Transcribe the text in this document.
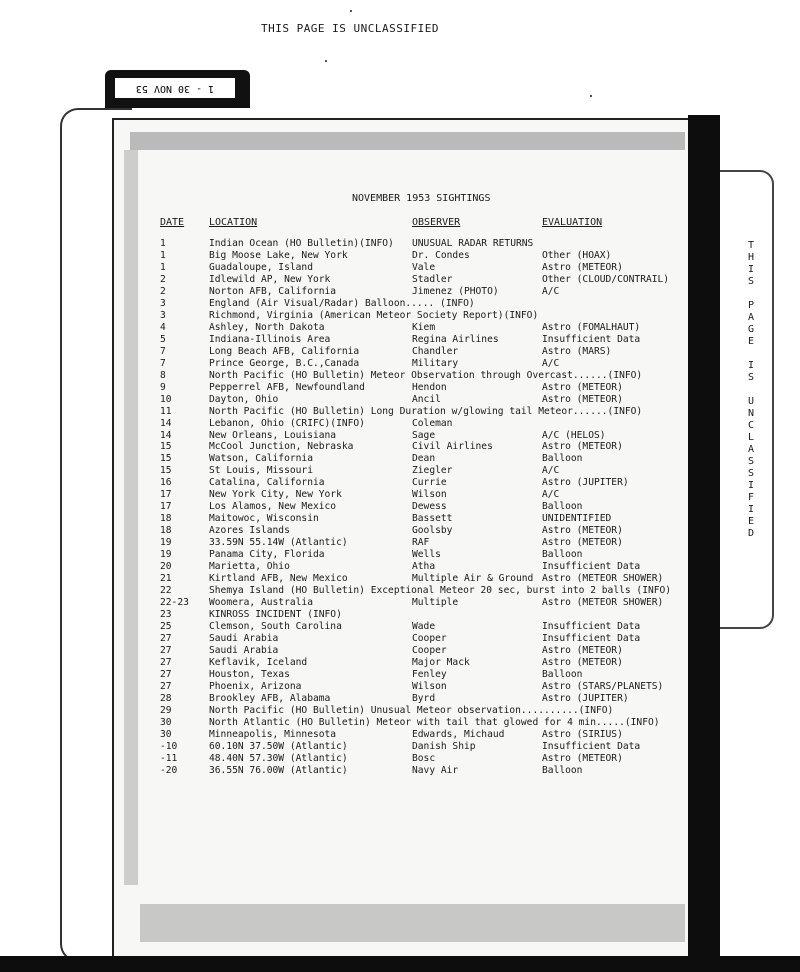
THIS PAGE IS UNCLASSIFIED
1 - 30 NOV 53
NOVEMBER 1953 SIGHTINGS
DATE LOCATION	OBSERVER	EVALUATION
1	Indian Ocean (HO Bulletin)(INFO) UNUSUAL RADAR RETURNS
1	Big Moose Lake, New York	Dr. Condes	Other (HOAX)
1	Guadaloupe, Island	Vale	Astro (METEOR)
2	Idlewild AP, New York	Stadler	Other (CLOUD/CONTRAIL)
2	Norton AFB, California	Jimenez (PHOTO)	A/C
3	England (Air Visual/Radar) Balloon..... (INFO)
3	Richmond, Virginia (American Meteor Society Report)(INFO)
4	Ashley, North Dakota	Kiem	Astro (FOMALHAUT)
5	Indiana-Illinois Area	Regina Airlines	Insufficient Data
7	Long Beach AFB, California	Chandler	Astro (MARS)
7	Prince George, B.C.,Canada	Military	A/C
8	North Pacific (HO Bulletin) Meteor Observation through Overcast......(INFO)
9	Pepperrel AFB, Newfoundland	Hendon	Astro (METEOR)
10	Dayton, Ohio	Ancil	Astro (METEOR)
11	North Pacific (HO Bulletin) Long Duration w/glowing tail Meteor......(INFO)
14	Lebanon, Ohio (CRIFC)(INFO)	Coleman
14	New Orleans, Louisiana	Sage	A/C (HELOS)
15	McCool Junction, Nebraska	Civil Airlines	Astro (METEOR)
15	Watson, California	Dean	Balloon
15	St Louis, Missouri	Ziegler	A/C
16	Catalina, California	Currie	Astro (JUPITER)
17	New York City, New York	Wilson	A/C
17	Los Alamos, New Mexico	Dewess	Balloon
18	Maitowoc, Wisconsin	Bassett	UNIDENTIFIED
18	Azores Islands	Goolsby	Astro (METEOR)
19	33.59N 55.14W (Atlantic)	RAF	Astro (METEOR)
19	Panama City, Florida	Wells	Balloon
20	Marietta, Ohio	Atha	Insufficient Data
21	Kirtland AFB, New Mexico	Multiple Air & Ground Astro (METEOR SHOWER)
22	Shemya Island (HO Bulletin) Exceptional Meteor 20 sec, burst into 2 balls (INFO)
22-23 Woomera, Australia	Multiple	Astro (METEOR SHOWER)
23	KINROSS INCIDENT (INFO)
25	Clemson, South Carolina	Wade	Insufficient Data
27	Saudi Arabia	Cooper	Insufficient Data
27	Saudi Arabia	Cooper	Astro (METEOR)
27	Keflavik, Iceland	Major Mack	Astro (METEOR)
27	Houston, Texas	Fenley	Balloon
27	Phoenix, Arizona	Wilson	Astro (STARS/PLANETS)
28	Brookley AFB, Alabama	Byrd	Astro (JUPITER)
29	North Pacific (HO Bulletin) Unusual Meteor observation..........(INFO)
30	North Atlantic (HO Bulletin) Meteor with tail that glowed for 4 min.....(INFO)
30	Minneapolis, Minnesota	Edwards, Michaud	Astro (SIRIUS)
-10	60.10N 37.50W (Atlantic)	Danish Ship	Insufficient Data
-11	48.40N 57.30W (Atlantic)	Bosc	Astro (METEOR)
-20	36.55N 76.00W (Atlantic)	Navy Air	Balloon
T
H
I
S

P
A
G
E

I
S

U
N
C
L
A
S
S
I
F
I
E
D
